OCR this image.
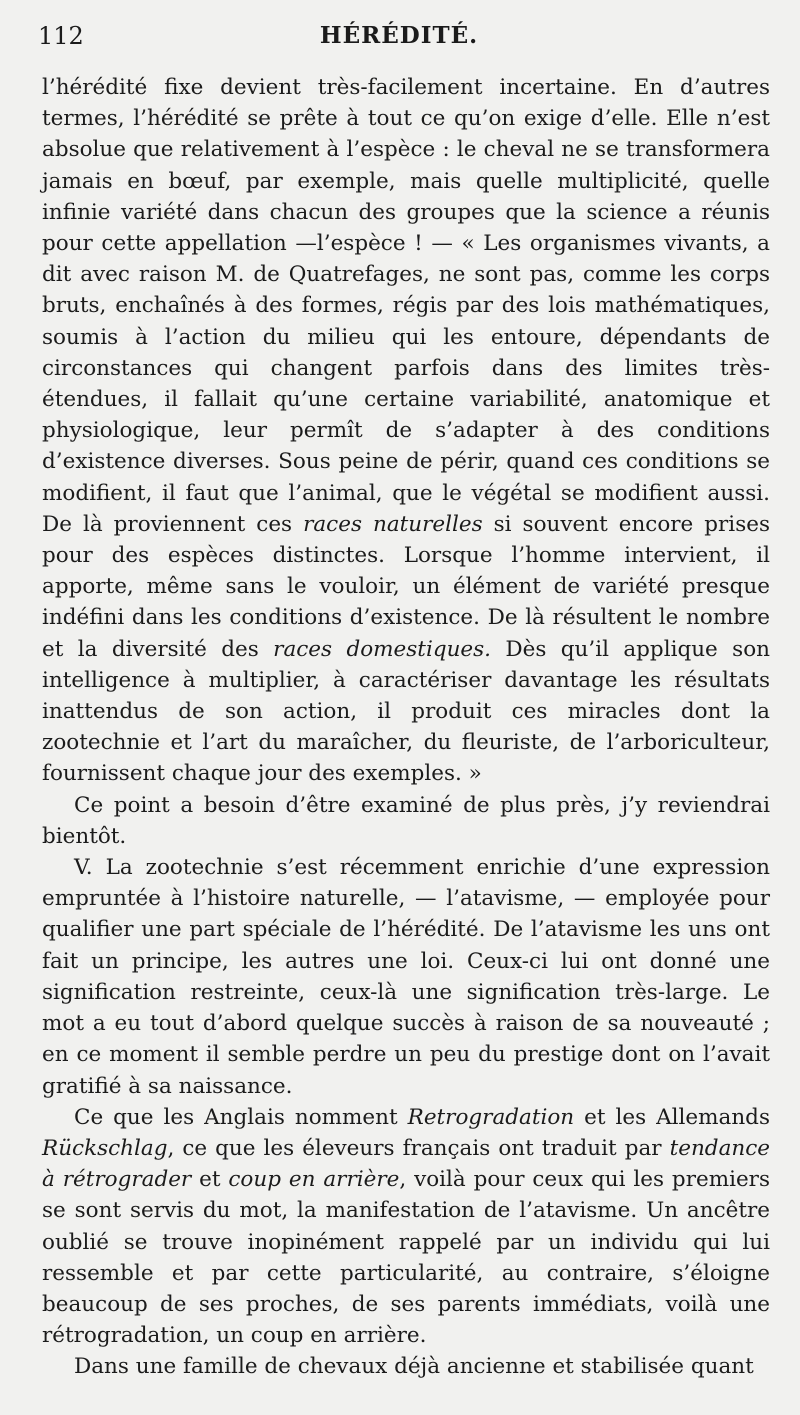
112	HÉRÉDITÉ.

l’hérédité fixe devient très-facilement incertaine. En d’autres termes, l’hérédité se prête à tout ce qu’on exige d’elle. Elle n’est absolue que relativement à l’espèce : le cheval ne se transformera jamais en bœuf, par exemple, mais quelle multiplicité, quelle infinie variété dans chacun des groupes que la science a réunis pour cette appellation —l’espèce ! — « Les organismes vivants, a dit avec raison M. de Quatrefages, ne sont pas, comme les corps bruts, enchaînés à des formes, régis par des lois mathématiques, soumis à l’action du milieu qui les entoure, dépendants de circonstances qui changent parfois dans des limites très-étendues, il fallait qu’une certaine variabilité, anatomique et physiologique, leur permît de s’adapter à des conditions d’existence diverses. Sous peine de périr, quand ces conditions se modifient, il faut que l’animal, que le végétal se modifient aussi. De là proviennent ces races naturelles si souvent encore prises pour des espèces distinctes. Lorsque l’homme intervient, il apporte, même sans le vouloir, un élément de variété presque indéfini dans les conditions d’existence. De là résultent le nombre et la diversité des races domestiques. Dès qu’il applique son intelligence à multiplier, à caractériser davantage les résultats inattendus de son action, il produit ces miracles dont la zootechnie et l’art du maraîcher, du fleuriste, de l’arboriculteur, fournissent chaque jour des exemples. »

Ce point a besoin d’être examiné de plus près, j’y reviendrai bientôt.

V. La zootechnie s’est récemment enrichie d’une expression empruntée à l’histoire naturelle, — l’atavisme, — employée pour qualifier une part spéciale de l’hérédité. De l’atavisme les uns ont fait un principe, les autres une loi. Ceux-ci lui ont donné une signification restreinte, ceux-là une signification très-large. Le mot a eu tout d’abord quelque succès à raison de sa nouveauté ; en ce moment il semble perdre un peu du prestige dont on l’avait gratifié à sa naissance.

Ce que les Anglais nomment Retrogradation et les Allemands Rückschlag, ce que les éleveurs français ont traduit par tendance à rétrograder et coup en arrière, voilà pour ceux qui les premiers se sont servis du mot, la manifestation de l’atavisme. Un ancêtre oublié se trouve inopinément rappelé par un individu qui lui ressemble et par cette particularité, au contraire, s’éloigne beaucoup de ses proches, de ses parents immédiats, voilà une rétrogradation, un coup en arrière.

Dans une famille de chevaux déjà ancienne et stabilisée quant
